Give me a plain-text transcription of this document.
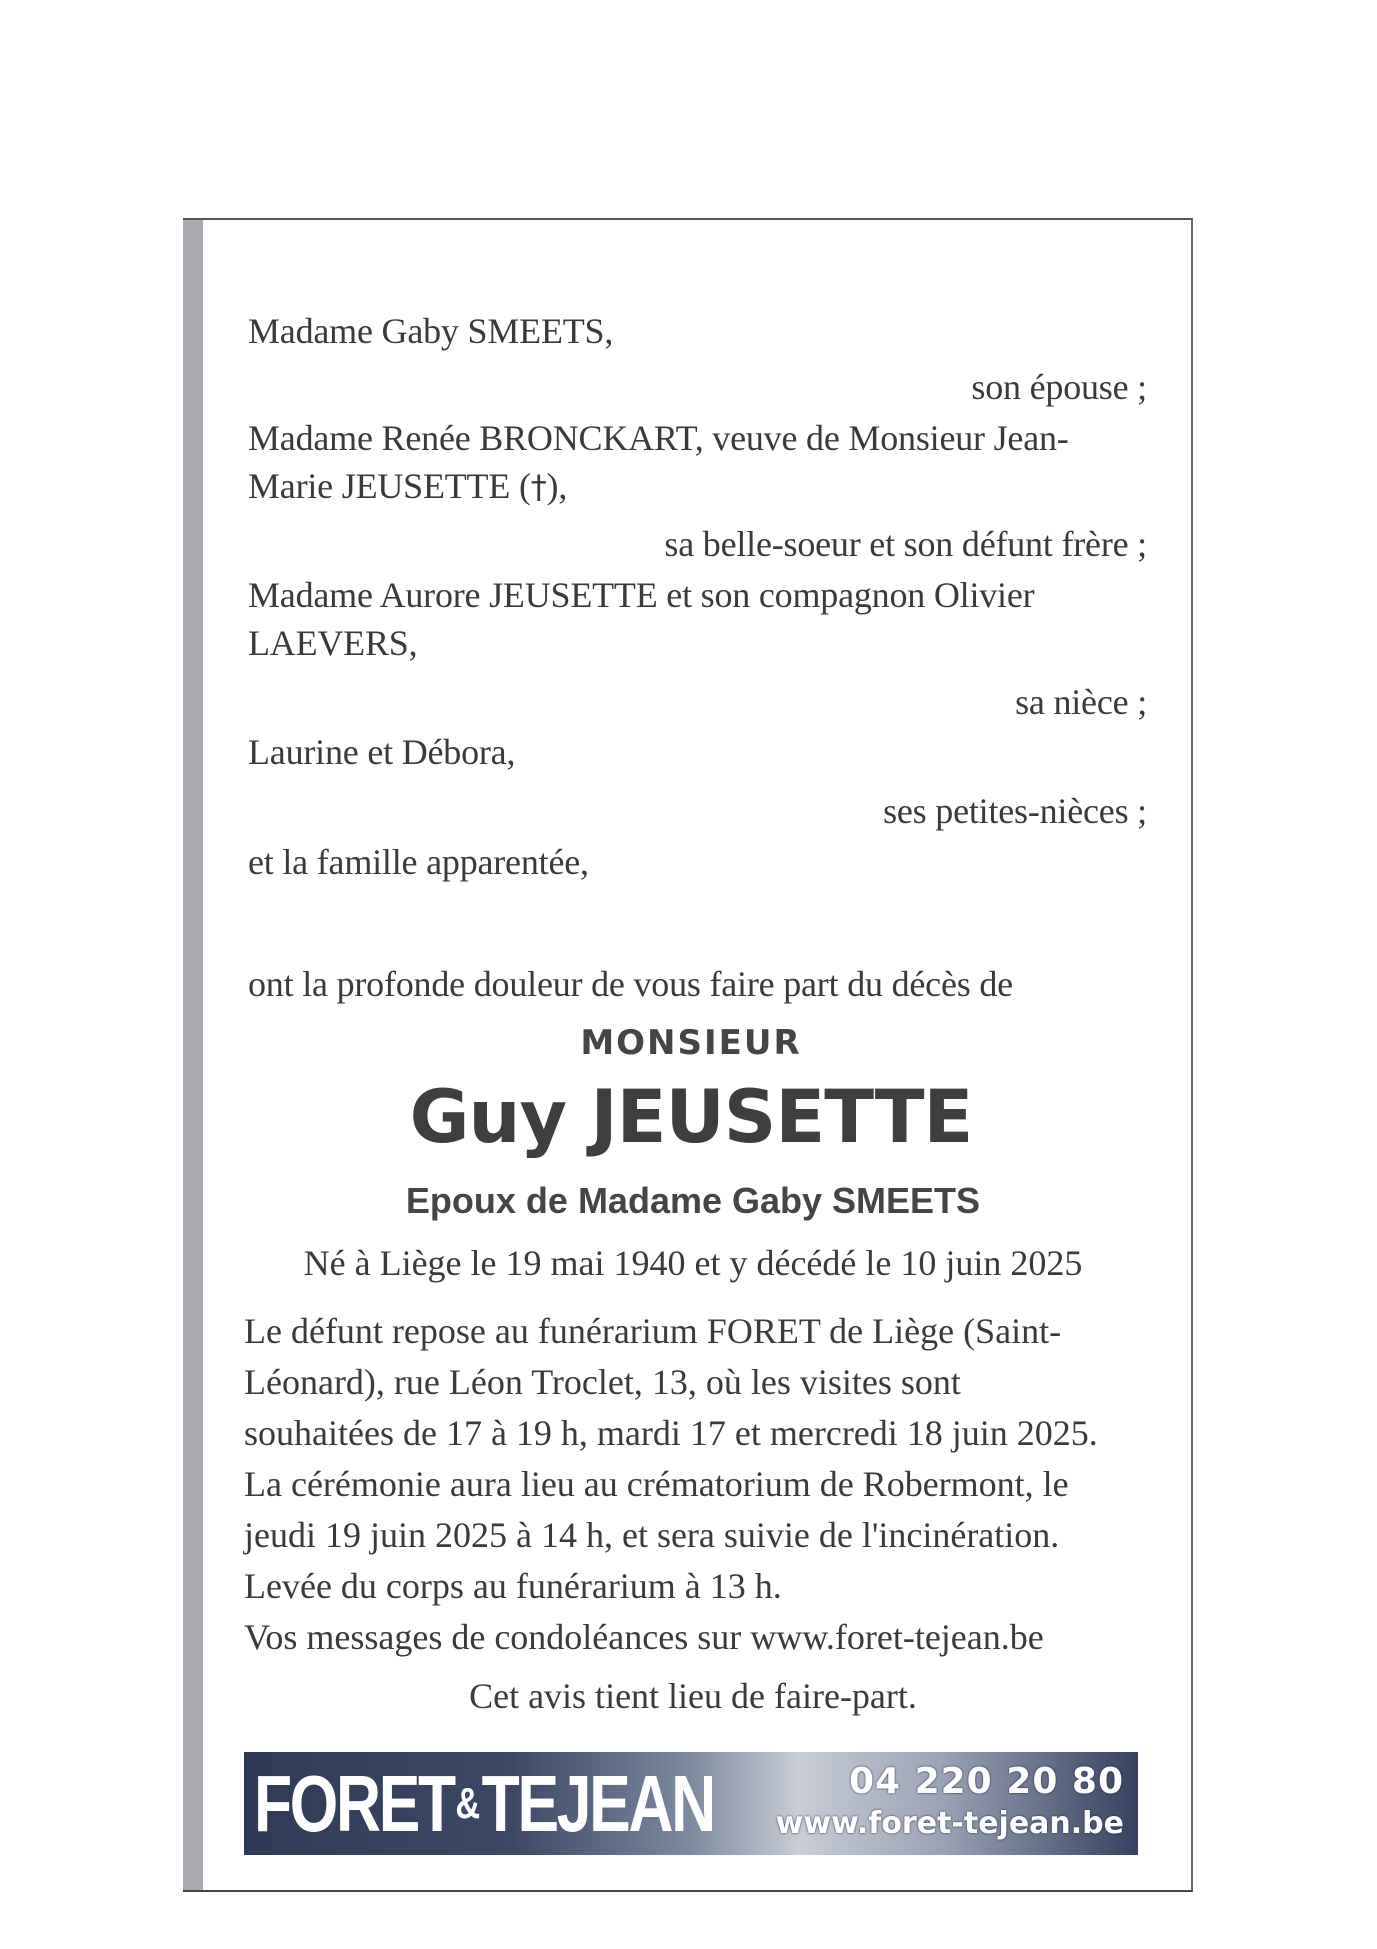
Madame Gaby SMEETS,
son épouse ;
Madame Renée BRONCKART, veuve de Monsieur Jean-
Marie JEUSETTE (†),
sa belle-soeur et son défunt frère ;
Madame Aurore JEUSETTE et son compagnon Olivier
LAEVERS,
sa nièce ;
Laurine et Débora,
ses petites-nièces ;
et la famille apparentée,
ont la profonde douleur de vous faire part du décès de
MONSIEUR
Guy JEUSETTE
Epoux de Madame Gaby SMEETS
Né à Liège le 19 mai 1940 et y décédé le 10 juin 2025
Le défunt repose au funérarium FORET de Liège (Saint-
Léonard), rue Léon Troclet, 13, où les visites sont
souhaitées de 17 à 19 h, mardi 17 et mercredi 18 juin 2025.
La cérémonie aura lieu au crématorium de Robermont, le
jeudi 19 juin 2025 à 14 h, et sera suivie de l'incinération.
Levée du corps au funérarium à 13 h.
Vos messages de condoléances sur www.foret-tejean.be
Cet avis tient lieu de faire-part.
FORET & TEJEAN	04 220 20 80
www.foret-tejean.be
